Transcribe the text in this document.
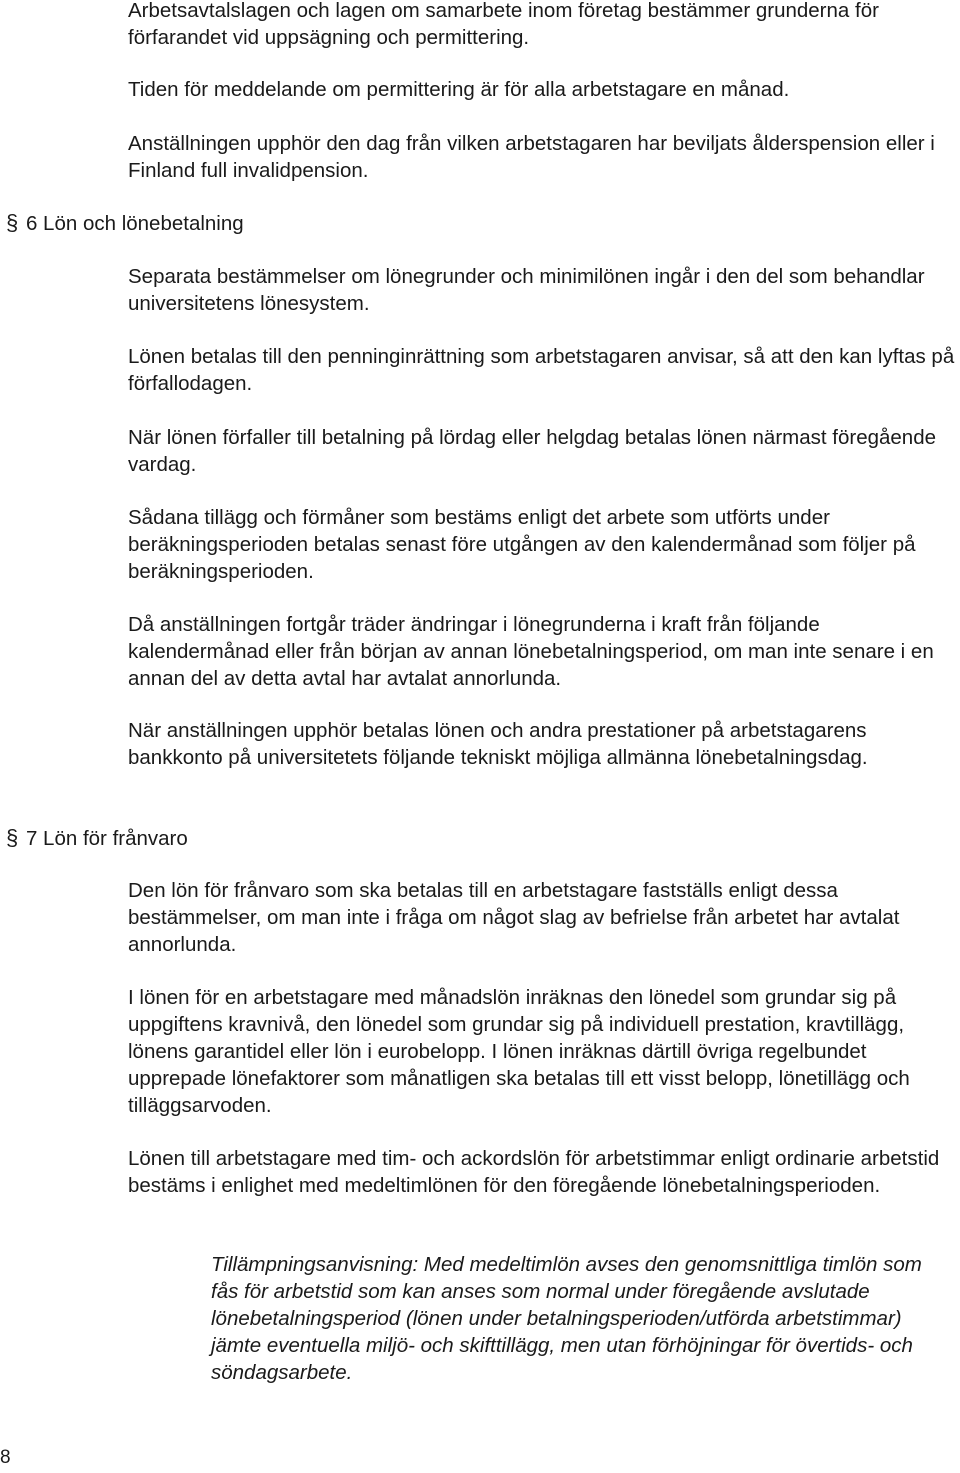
Arbetsavtalslagen och lagen om samarbete inom företag bestämmer grunderna för förfarandet vid uppsägning och permittering.

Tiden för meddelande om permittering är för alla arbetstagare en månad.

Anställningen upphör den dag från vilken arbetstagaren har beviljats ålderspension eller i Finland full invalidpension.

§ 6 Lön och lönebetalning

Separata bestämmelser om lönegrunder och minimilönen ingår i den del som behandlar universitetens lönesystem.

Lönen betalas till den penninginrättning som arbetstagaren anvisar, så att den kan lyftas på förfallodagen.

När lönen förfaller till betalning på lördag eller helgdag betalas lönen närmast föregående vardag.

Sådana tillägg och förmåner som bestäms enligt det arbete som utförts under beräkningsperioden betalas senast före utgången av den kalendermånad som följer på beräkningsperioden.

Då anställningen fortgår träder ändringar i lönegrunderna i kraft från följande kalendermånad eller från början av annan lönebetalningsperiod, om man inte senare i en annan del av detta avtal har avtalat annorlunda.

När anställningen upphör betalas lönen och andra prestationer på arbetstagarens bankkonto på universitetets följande tekniskt möjliga allmänna lönebetalningsdag.

§ 7 Lön för frånvaro

Den lön för frånvaro som ska betalas till en arbetstagare fastställs enligt dessa bestämmelser, om man inte i fråga om något slag av befrielse från arbetet har avtalat annorlunda.

I lönen för en arbetstagare med månadslön inräknas den lönedel som grundar sig på uppgiftens kravnivå, den lönedel som grundar sig på individuell prestation, kravtillägg, lönens garantidel eller lön i eurobelopp. I lönen inräknas därtill övriga regelbundet upprepade lönefaktorer som månatligen ska betalas till ett visst belopp, lönetillägg och tilläggsarvoden.

Lönen till arbetstagare med tim- och ackordslön för arbetstimmar enligt ordinarie arbetstid bestäms i enlighet med medeltimlönen för den föregående lönebetalningsperioden.

Tillämpningsanvisning: Med medeltimlön avses den genomsnittliga timlön som fås för arbetstid som kan anses som normal under föregående avslutade lönebetalningsperiod (lönen under betalningsperioden/utförda arbetstimmar) jämte eventuella miljö- och skifttillägg, men utan förhöjningar för övertids- och söndagsarbete.

8
